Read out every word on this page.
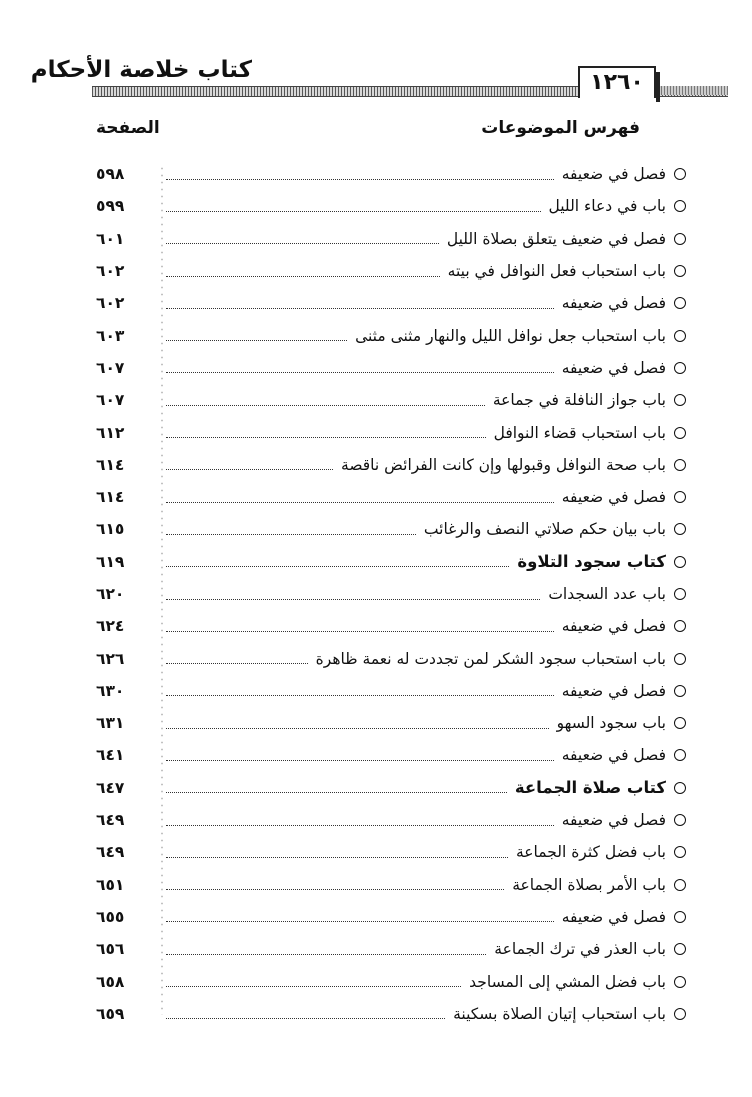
كتاب خلاصة الأحكام	١٢٦٠
فهرس الموضوعات
الصفحة
فصل في ضعيفه
٥٩٨
باب في دعاء الليل
٥٩٩
فصل في ضعيف يتعلق بصلاة الليل
٦٠١
باب استحباب فعل النوافل في بيته
٦٠٢
فصل في ضعيفه
٦٠٢
باب استحباب جعل نوافل الليل والنهار مثنى مثنى
٦٠٣
فصل في ضعيفه
٦٠٧
باب جواز النافلة في جماعة
٦٠٧
باب استحباب قضاء النوافل
٦١٢
باب صحة النوافل وقبولها وإن كانت الفرائض ناقصة
٦١٤
فصل في ضعيفه
٦١٤
باب بيان حكم صلاتي النصف والرغائب
٦١٥
كتاب سجود التلاوة
٦١٩
باب عدد السجدات
٦٢٠
فصل في ضعيفه
٦٢٤
باب استحباب سجود الشكر لمن تجددت له نعمة ظاهرة
٦٢٦
فصل في ضعيفه
٦٣٠
باب سجود السهو
٦٣١
فصل في ضعيفه
٦٤١
كتاب صلاة الجماعة
٦٤٧
فصل في ضعيفه
٦٤٩
باب فضل كثرة الجماعة
٦٤٩
باب الأمر بصلاة الجماعة
٦٥١
فصل في ضعيفه
٦٥٥
باب العذر في ترك الجماعة
٦٥٦
باب فضل المشي إلى المساجد
٦٥٨
باب استحباب إتيان الصلاة بسكينة
٦٥٩
